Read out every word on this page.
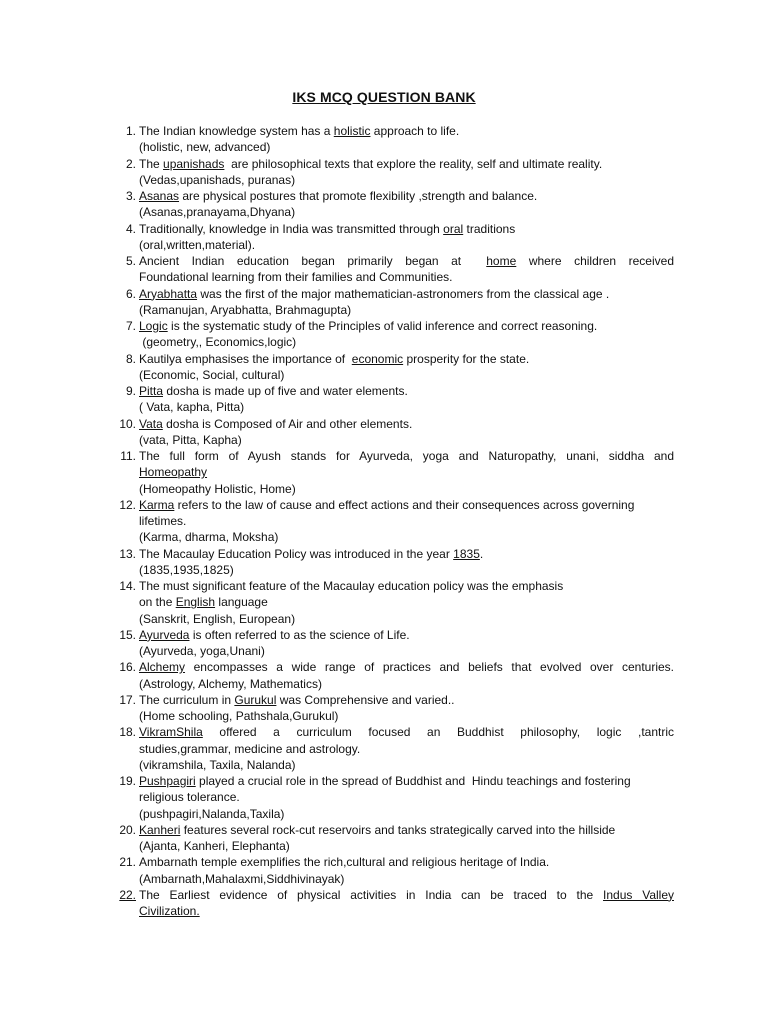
IKS MCQ QUESTION BANK
1. The Indian knowledge system has a holistic approach to life.
(holistic, new, advanced)
2. The upanishads  are philosophical texts that explore the reality, self and ultimate reality.
(Vedas,upanishads, puranas)
3. Asanas are physical postures that promote flexibility ,strength and balance.
(Asanas,pranayama,Dhyana)
4. Traditionally, knowledge in India was transmitted through oral traditions
(oral,written,material).
5. Ancient Indian education began primarily began at  home where children received
Foundational learning from their families and Communities.
6. Aryabhatta was the first of the major mathematician-astronomers from the classical age .
(Ramanujan, Aryabhatta, Brahmagupta)
7. Logic is the systematic study of the Principles of valid inference and correct reasoning.
(geometry,, Economics,logic)
8. Kautilya emphasises the importance of  economic prosperity for the state.
(Economic, Social, cultural)
9. Pitta dosha is made up of five and water elements.
( Vata, kapha, Pitta)
10. Vata dosha is Composed of Air and other elements.
(vata, Pitta, Kapha)
11. The full form of Ayush stands for Ayurveda, yoga and Naturopathy, unani, siddha and
Homeopathy
(Homeopathy Holistic, Home)
12. Karma refers to the law of cause and effect actions and their consequences across governing
lifetimes.
(Karma, dharma, Moksha)
13. The Macaulay Education Policy was introduced in the year 1835.
(1835,1935,1825)
14. The must significant feature of the Macaulay education policy was the emphasis
on the English language
(Sanskrit, English, European)
15. Ayurveda is often referred to as the science of Life.
(Ayurveda, yoga,Unani)
16. Alchemy encompasses a wide range of practices and beliefs that evolved over centuries.
(Astrology, Alchemy, Mathematics)
17. The curriculum in Gurukul was Comprehensive and varied..
(Home schooling, Pathshala,Gurukul)
18. VikramShila offered a curriculum focused an Buddhist philosophy, logic ,tantric
studies,grammar, medicine and astrology.
(vikramshila, Taxila, Nalanda)
19. Pushpagiri played a crucial role in the spread of Buddhist and  Hindu teachings and fostering
religious tolerance.
(pushpagiri,Nalanda,Taxila)
20. Kanheri features several rock-cut reservoirs and tanks strategically carved into the hillside
(Ajanta, Kanheri, Elephanta)
21. Ambarnath temple exemplifies the rich,cultural and religious heritage of India.
(Ambarnath,Mahalaxmi,Siddhivinayak)
22. The Earliest evidence of physical activities in India can be traced to the Indus Valley
Civilization.
